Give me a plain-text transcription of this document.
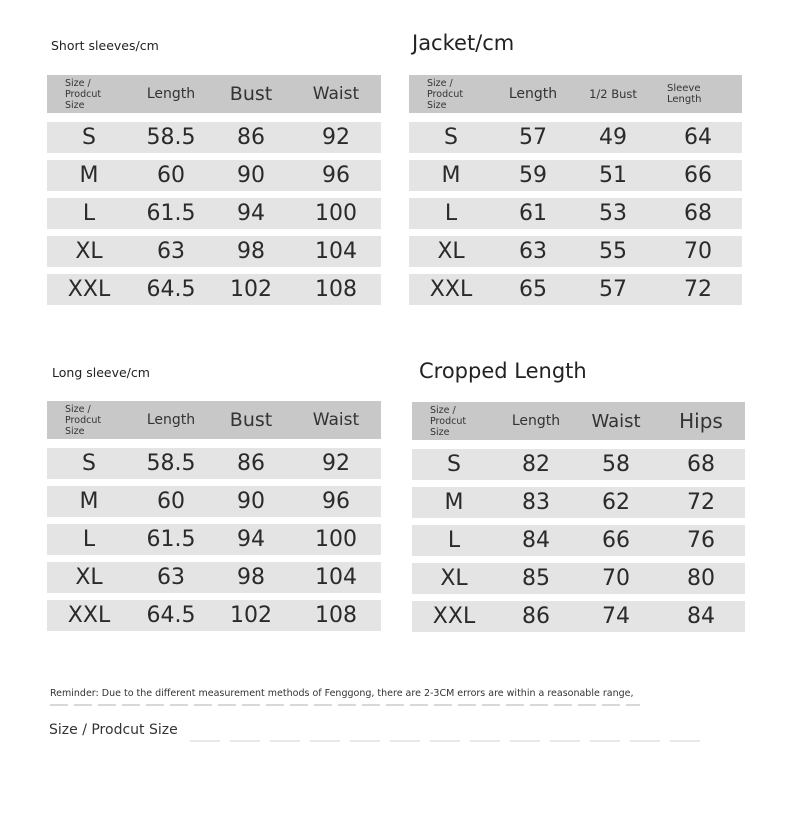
Short sleeves/cm
Size /
Prodcut
Size
Length	Bust	Waist
S	58.5	86	92
M	60	90	96
L	61.5	94	100
XL	63	98	104
XXL	64.5	102	108
Jacket/cm
Size /
Prodcut
Size
Length	1/2 Bust	Sleeve Length
S	57	49	64
M	59	51	66
L	61	53	68
XL	63	55	70
XXL	65	57	72
Long sleeve/cm
Size /
Prodcut
Size
Length	Bust	Waist
S	58.5	86	92
M	60	90	96
L	61.5	94	100
XL	63	98	104
XXL	64.5	102	108
Cropped Length
Size /
Prodcut
Size
Length	Waist	Hips
S	82	58	68
M	83	62	72
L	84	66	76
XL	85	70	80
XXL	86	74	84
Reminder: Due to the different measurement methods of Fenggong, there are 2-3CM errors are within a reasonable range,
Size / Prodcut Size
